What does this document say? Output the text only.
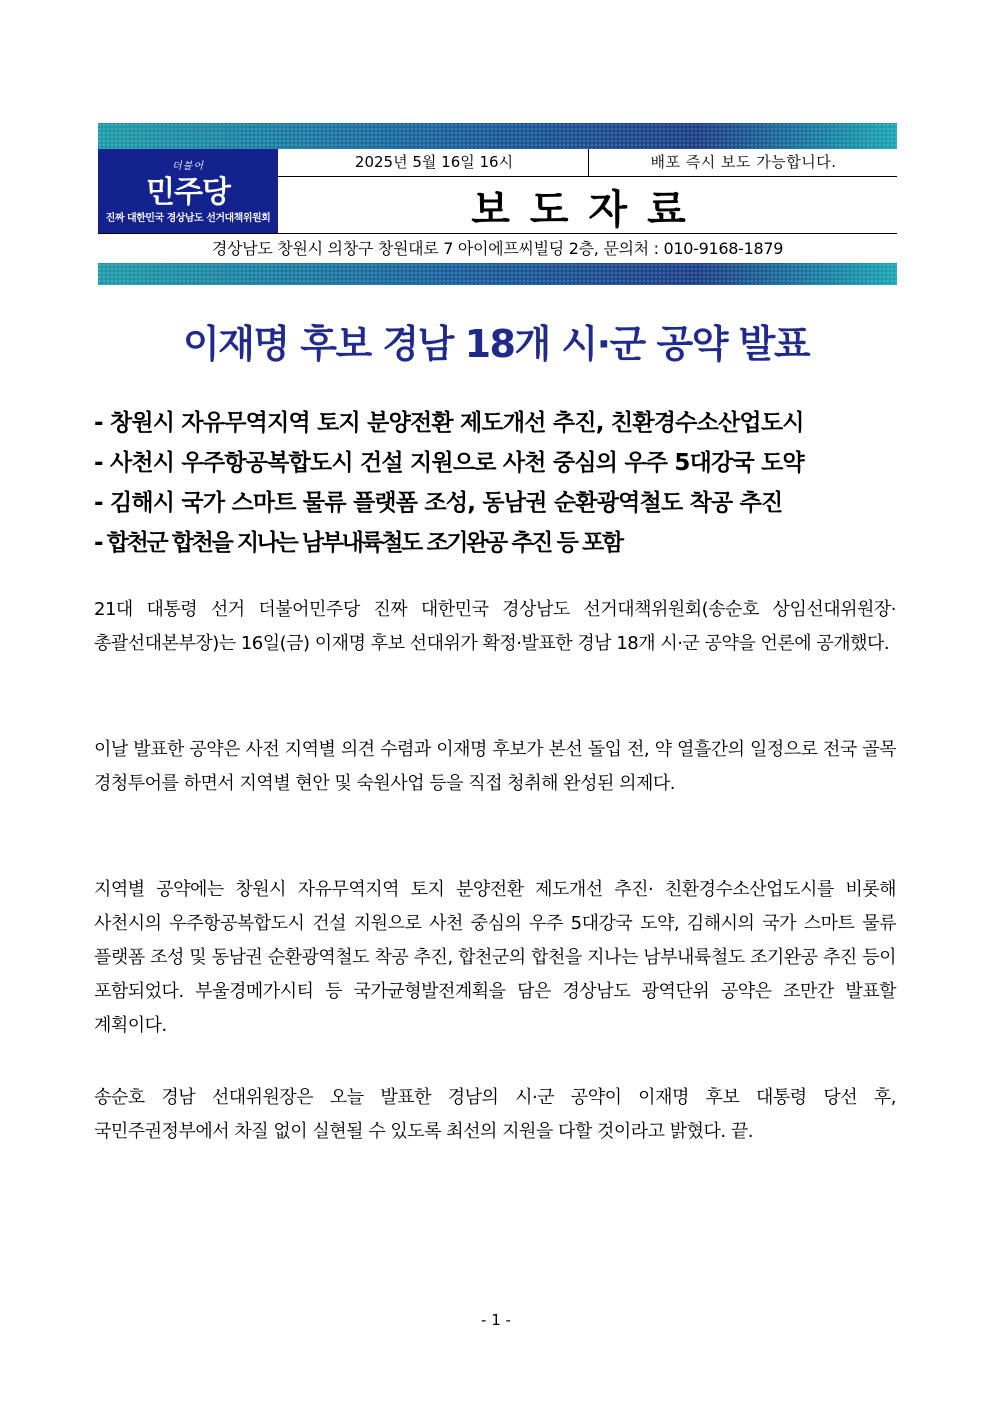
더불어
민주당
진짜 대한민국 경상남도 선거대책위원회
2025년 5월 16일 16시	배포 즉시 보도 가능합니다.
보도자료
경상남도 창원시 의창구 창원대로 7 아이에프씨빌딩 2층, 문의처 : 010-9168-1879
이재명 후보 경남 18개 시·군 공약 발표
- 창원시 자유무역지역 토지 분양전환 제도개선 추진, 친환경수소산업도시
- 사천시 우주항공복합도시 건설 지원으로 사천 중심의 우주 5대강국 도약
- 김해시 국가 스마트 물류 플랫폼 조성, 동남권 순환광역철도 착공 추진
- 합천군 합천을 지나는 남부내륙철도 조기완공 추진 등 포함

21대 대통령 선거 더불어민주당 진짜 대한민국 경상남도 선거대책위원회(송순호 상임선대위원장·총괄선대본부장)는 16일(금) 이재명 후보 선대위가 확정·발표한 경남 18개 시·군 공약을 언론에 공개했다.

이날 발표한 공약은 사전 지역별 의견 수렴과 이재명 후보가 본선 돌입 전, 약 열흘간의 일정으로 전국 골목 경청투어를 하면서 지역별 현안 및 숙원사업 등을 직접 청취해 완성된 의제다.

지역별 공약에는 창원시 자유무역지역 토지 분양전환 제도개선 추진· 친환경수소산업도시를 비롯해 사천시의 우주항공복합도시 건설 지원으로 사천 중심의 우주 5대강국 도약, 김해시의 국가 스마트 물류 플랫폼 조성 및 동남권 순환광역철도 착공 추진, 합천군의 합천을 지나는 남부내륙철도 조기완공 추진 등이 포함되었다. 부울경메가시티 등 국가균형발전계획을 담은 경상남도 광역단위 공약은 조만간 발표할 계획이다.

송순호 경남 선대위원장은 오늘 발표한 경남의 시·군 공약이 이재명 후보 대통령 당선 후, 국민주권정부에서 차질 없이 실현될 수 있도록 최선의 지원을 다할 것이라고 밝혔다. 끝.

- 1 -
